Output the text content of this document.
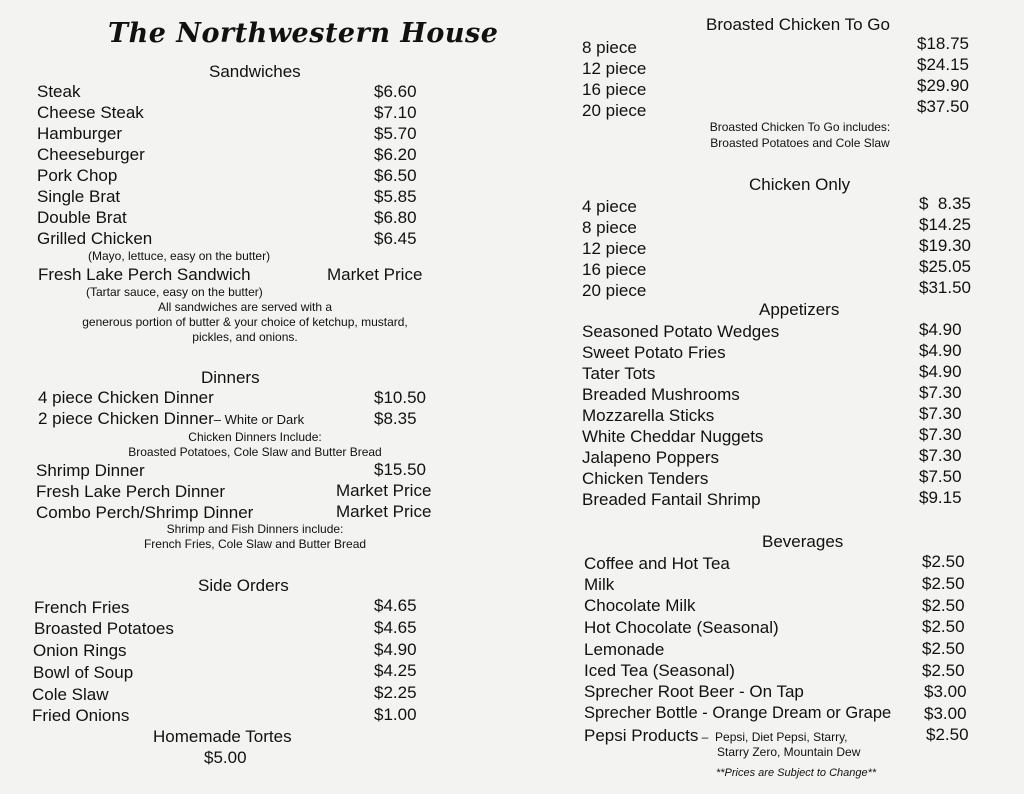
The Northwestern House
Sandwiches
Steak	$6.60
Cheese Steak	$7.10
Hamburger	$5.70
Cheeseburger	$6.20
Pork Chop	$6.50
Single Brat	$5.85
Double Brat	$6.80
Grilled Chicken	$6.45
(Mayo, lettuce, easy on the butter)
Fresh Lake Perch Sandwich	Market Price
(Tartar sauce, easy on the butter)
All sandwiches are served with a
generous portion of butter & your choice of ketchup, mustard,
pickles, and onions.
Dinners
4 piece Chicken Dinner	$10.50
2 piece Chicken Dinner– White or Dark	$8.35
Chicken Dinners Include:
Broasted Potatoes, Cole Slaw and Butter Bread
Shrimp Dinner	$15.50
Fresh Lake Perch Dinner	Market Price
Combo Perch/Shrimp Dinner	Market Price
Shrimp and Fish Dinners include:
French Fries, Cole Slaw and Butter Bread
Side Orders
French Fries	$4.65
Broasted Potatoes	$4.65
Onion Rings	$4.90
Bowl of Soup	$4.25
Cole Slaw	$2.25
Fried Onions	$1.00
Homemade Tortes
$5.00
Broasted Chicken To Go
8 piece	$18.75
12 piece	$24.15
16 piece	$29.90
20 piece	$37.50
Broasted Chicken To Go includes:
Broasted Potatoes and Cole Slaw
Chicken Only
4 piece	$  8.35
8 piece	$14.25
12 piece	$19.30
16 piece	$25.05
20 piece	$31.50
Appetizers
Seasoned Potato Wedges	$4.90
Sweet Potato Fries	$4.90
Tater Tots	$4.90
Breaded Mushrooms	$7.30
Mozzarella Sticks	$7.30
White Cheddar Nuggets	$7.30
Jalapeno Poppers	$7.30
Chicken Tenders	$7.50
Breaded Fantail Shrimp	$9.15
Beverages
Coffee and Hot Tea	$2.50
Milk	$2.50
Chocolate Milk	$2.50
Hot Chocolate (Seasonal)	$2.50
Lemonade	$2.50
Iced Tea (Seasonal)	$2.50
Sprecher Root Beer - On Tap	$3.00
Sprecher Bottle - Orange Dream or Grape $3.00
Pepsi Products –  Pepsi, Diet Pepsi, Starry,	$2.50
Starry Zero, Mountain Dew
**Prices are Subject to Change**
